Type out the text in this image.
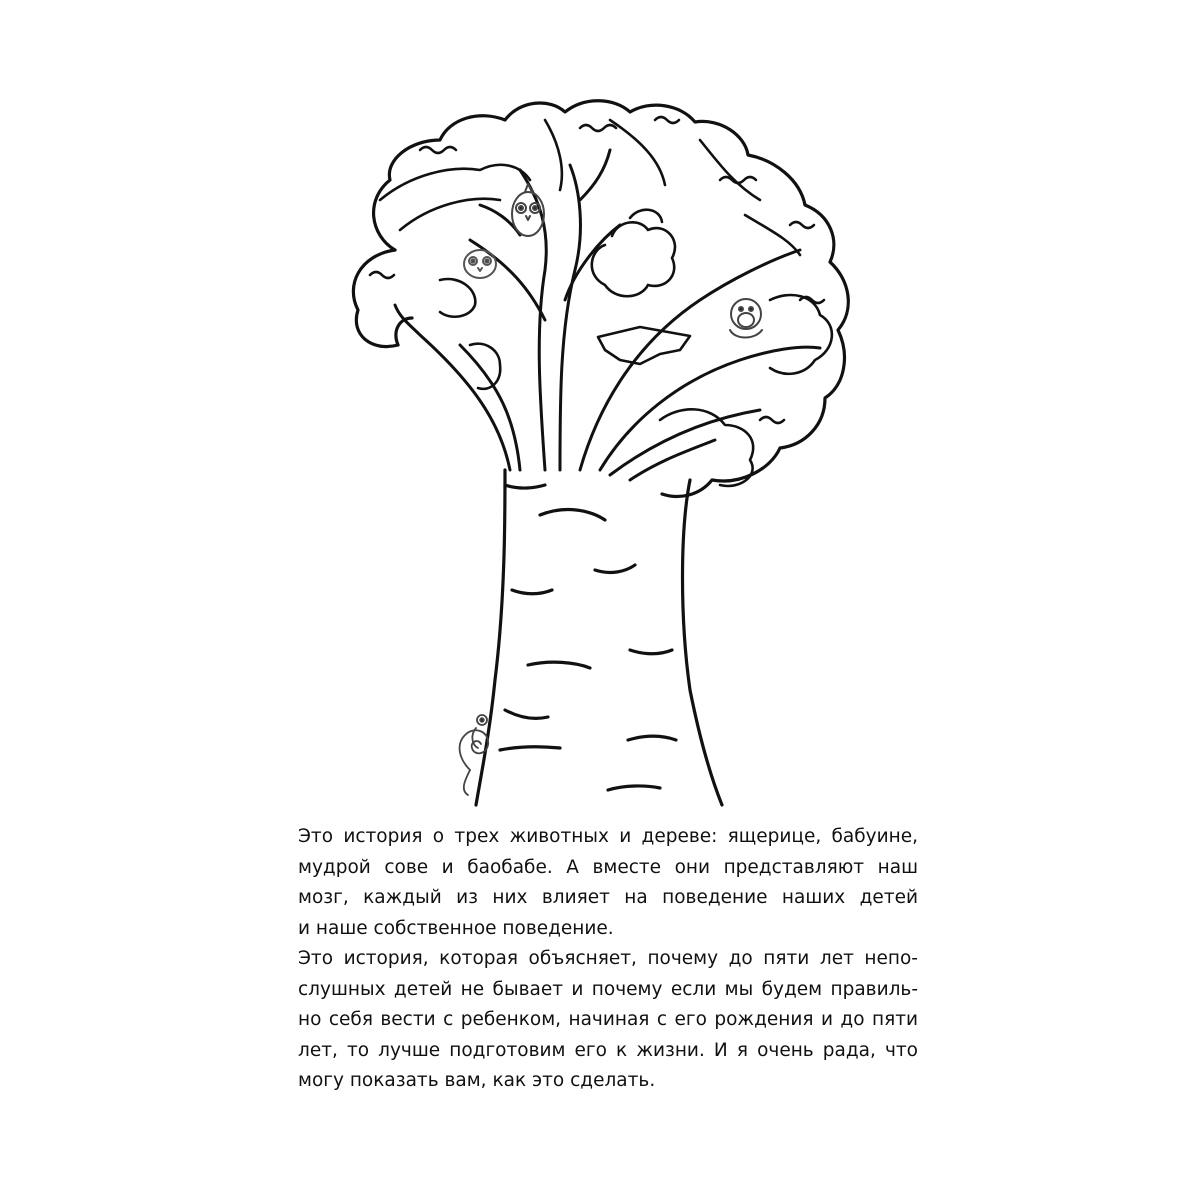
Это история о трех животных и дереве: ящерице, бабуине,
мудрой сове и баобабе. А вместе они представляют наш
мозг, каждый из них влияет на поведение наших детей
и наше собственное поведение.
Это история, которая объясняет, почему до пяти лет непо-
слушных детей не бывает и почему если мы будем правиль-
но себя вести с ребенком, начиная с его рождения и до пяти
лет, то лучше подготовим его к жизни. И я очень рада, что
могу показать вам, как это сделать.
